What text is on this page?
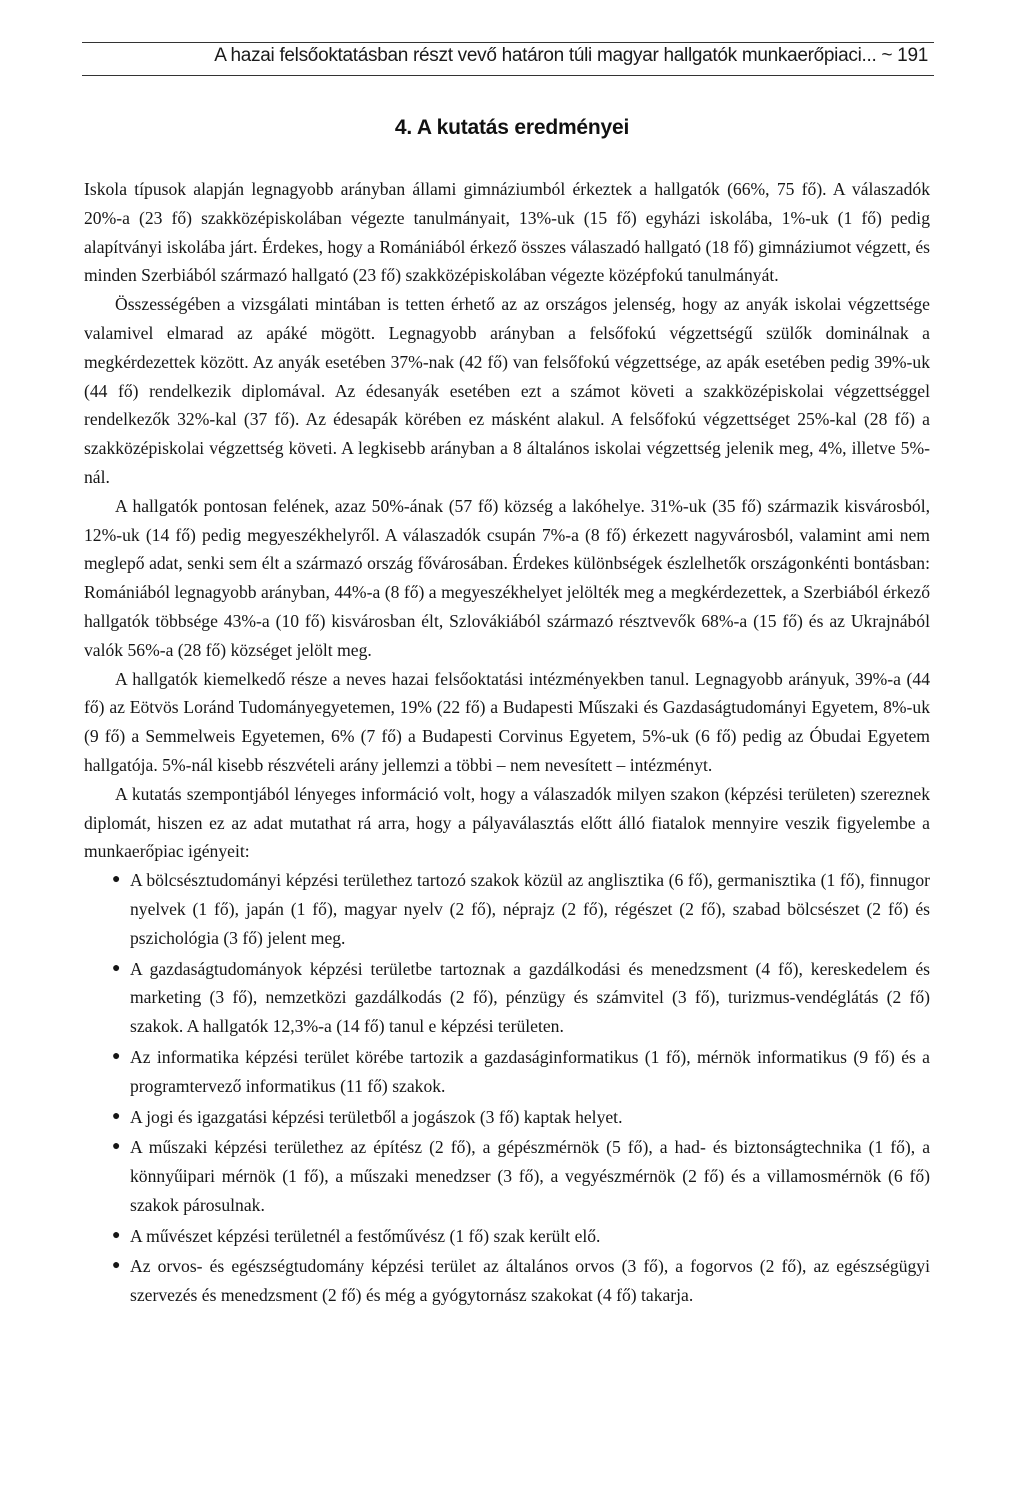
A hazai felsőoktatásban részt vevő határon túli magyar hallgatók munkaerőpiaci... ~ 191
4. A kutatás eredményei

Iskola típusok alapján legnagyobb arányban állami gimnáziumból érkeztek a hallgatók (66%, 75 fő). A válaszadók 20%-a (23 fő) szakközépiskolában végezte tanulmányait, 13%-uk (15 fő) egyházi iskolába, 1%-uk (1 fő) pedig alapítványi iskolába járt. Érdekes, hogy a Romániából érkező összes válaszadó hallgató (18 fő) gimnáziumot végzett, és minden Szerbiából származó hallgató (23 fő) szakközépiskolában végezte középfokú tanulmányát.

Összességében a vizsgálati mintában is tetten érhető az az országos jelenség, hogy az anyák iskolai végzettsége valamivel elmarad az apáké mögött. Legnagyobb arányban a felsőfokú végzettségű szülők dominálnak a megkérdezettek között. Az anyák esetében 37%-nak (42 fő) van felsőfokú végzettsége, az apák esetében pedig 39%-uk (44 fő) rendelkezik diplomával. Az édesanyák esetében ezt a számot követi a szakközépiskolai végzettséggel rendelkezők 32%-kal (37 fő). Az édesapák körében ez másként alakul. A felsőfokú végzettséget 25%-kal (28 fő) a szakközépiskolai végzettség követi. A legkisebb arányban a 8 általános iskolai végzettség jelenik meg, 4%, illetve 5%-nál.

A hallgatók pontosan felének, azaz 50%-ának (57 fő) község a lakóhelye. 31%-uk (35 fő) származik kisvárosból, 12%-uk (14 fő) pedig megyeszékhelyről. A válaszadók csupán 7%-a (8 fő) érkezett nagyvárosból, valamint ami nem meglepő adat, senki sem élt a származó ország fővárosában. Érdekes különbségek észlelhetők országonkénti bontásban: Romániából legnagyobb arányban, 44%-a (8 fő) a megyeszékhelyet jelölték meg a megkérdezettek, a Szerbiából érkező hallgatók többsége 43%-a (10 fő) kisvárosban élt, Szlovákiából származó résztvevők 68%-a (15 fő) és az Ukrajnából valók 56%-a (28 fő) községet jelölt meg.

A hallgatók kiemelkedő része a neves hazai felsőoktatási intézményekben tanul. Legnagyobb arányuk, 39%-a (44 fő) az Eötvös Loránd Tudományegyetemen, 19% (22 fő) a Budapesti Műszaki és Gazdaságtudományi Egyetem, 8%-uk (9 fő) a Semmelweis Egyetemen, 6% (7 fő) a Budapesti Corvinus Egyetem, 5%-uk (6 fő) pedig az Óbudai Egyetem hallgatója. 5%-nál kisebb részvételi arány jellemzi a többi – nem nevesített – intézményt.

A kutatás szempontjából lényeges információ volt, hogy a válaszadók milyen szakon (képzési területen) szereznek diplomát, hiszen ez az adat mutathat rá arra, hogy a pályaválasztás előtt álló fiatalok mennyire veszik figyelembe a munkaerőpiac igényeit:

● A bölcsésztudományi képzési területhez tartozó szakok közül az anglisztika (6 fő), germanisztika (1 fő), finnugor nyelvek (1 fő), japán (1 fő), magyar nyelv (2 fő), néprajz (2 fő), régészet (2 fő), szabad bölcsészet (2 fő) és pszichológia (3 fő) jelent meg.
● A gazdaságtudományok képzési területbe tartoznak a gazdálkodási és menedzsment (4 fő), kereskedelem és marketing (3 fő), nemzetközi gazdálkodás (2 fő), pénzügy és számvitel (3 fő), turizmus-vendéglátás (2 fő) szakok. A hallgatók 12,3%-a (14 fő) tanul e képzési területen.
● Az informatika képzési terület körébe tartozik a gazdaságinformatikus (1 fő), mérnök informatikus (9 fő) és a programtervező informatikus (11 fő) szakok.
● A jogi és igazgatási képzési területből a jogászok (3 fő) kaptak helyet.
● A műszaki képzési területhez az építész (2 fő), a gépészmérnök (5 fő), a had- és biztonságtechnika (1 fő), a könnyűipari mérnök (1 fő), a műszaki menedzser (3 fő), a vegyészmérnök (2 fő) és a villamosmérnök (6 fő) szakok párosulnak.
● A művészet képzési területnél a festőművész (1 fő) szak került elő.
● Az orvos- és egészségtudomány képzési terület az általános orvos (3 fő), a fogorvos (2 fő), az egészségügyi szervezés és menedzsment (2 fő) és még a gyógytornász szakokat (4 fő) takarja.
